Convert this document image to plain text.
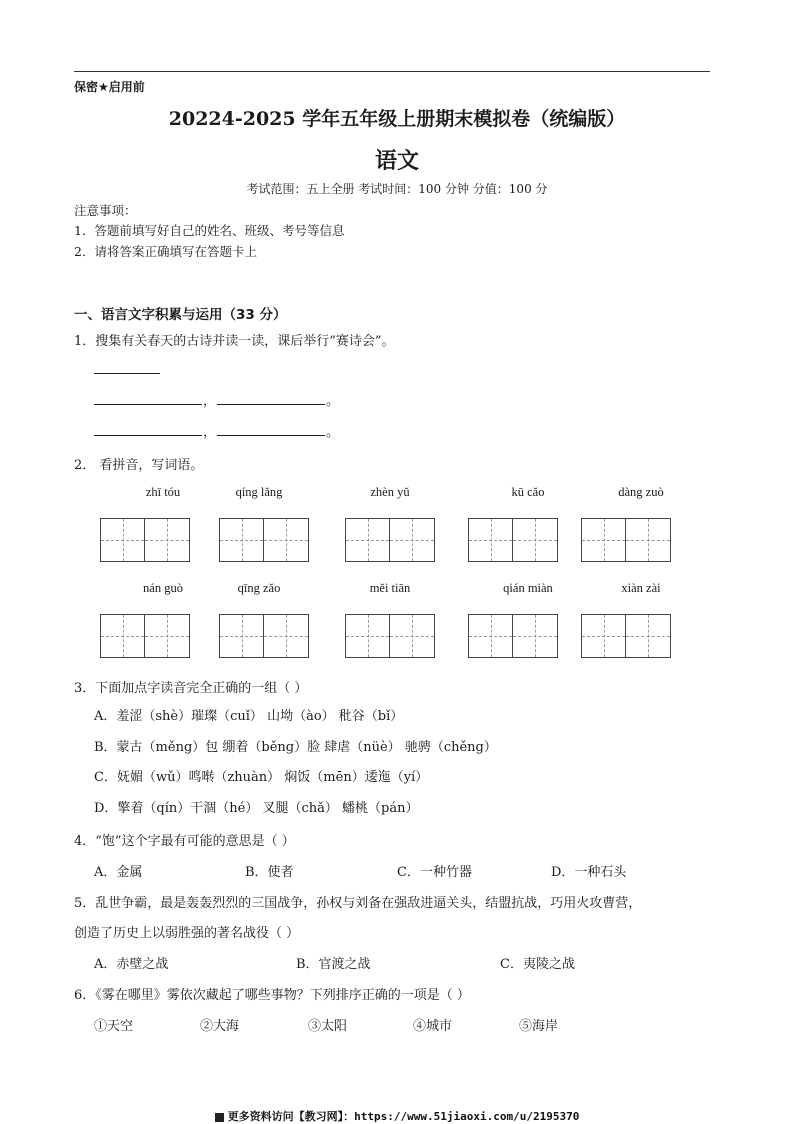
保密★启用前
20224-2025 学年五年级上册期末模拟卷（统编版）
语文
考试范围：五上全册 考试时间：100 分钟 分值：100 分
注意事项：
1．答题前填写好自己的姓名、班级、考号等信息
2．请将答案正确填写在答题卡上
一、语言文字积累与运用（33 分）
1．搜集有关春天的古诗并读一读，课后举行“赛诗会”。
，	。
，	。
2． 看拼音，写词语。
zhī tóu	qíng lǎng	zhèn yǔ	kū cǎo	dàng zuò
nán guò	qīng zǎo	měi tiān	qián miàn	xiàn zài
3．下面加点字读音完全正确的一组（ ）
A．羞涩（shè）璀璨（cuǐ） 山坳（ào） 秕谷（bǐ）
B．蒙古（měng）包 绷着（běng）脸 肆虐（nüè） 驰骋（chěng）
C．妩媚（wǔ）鸣啭（zhuàn） 焖饭（mēn）逶迤（yí）
D．擎着（qín）干涸（hé） 叉腿（chǎ） 蟠桃（pán）
4．“饱”这个字最有可能的意思是（ ）
A．金属	B．使者	C．一种竹器	D．一种石头
5．乱世争霸，最是轰轰烈烈的三国战争，孙权与刘备在强敌进逼关头，结盟抗战，巧用火攻曹营，
创造了历史上以弱胜强的著名战役（ ）
A．赤壁之战	B．官渡之战	C．夷陵之战
6．《雾在哪里》雾依次藏起了哪些事物？下列排序正确的一项是（ ）
①天空	②大海	③太阳	④城市	⑤海岸
更多资料访问【教习网】：https://www.51jiaoxi.com/u/2195370
